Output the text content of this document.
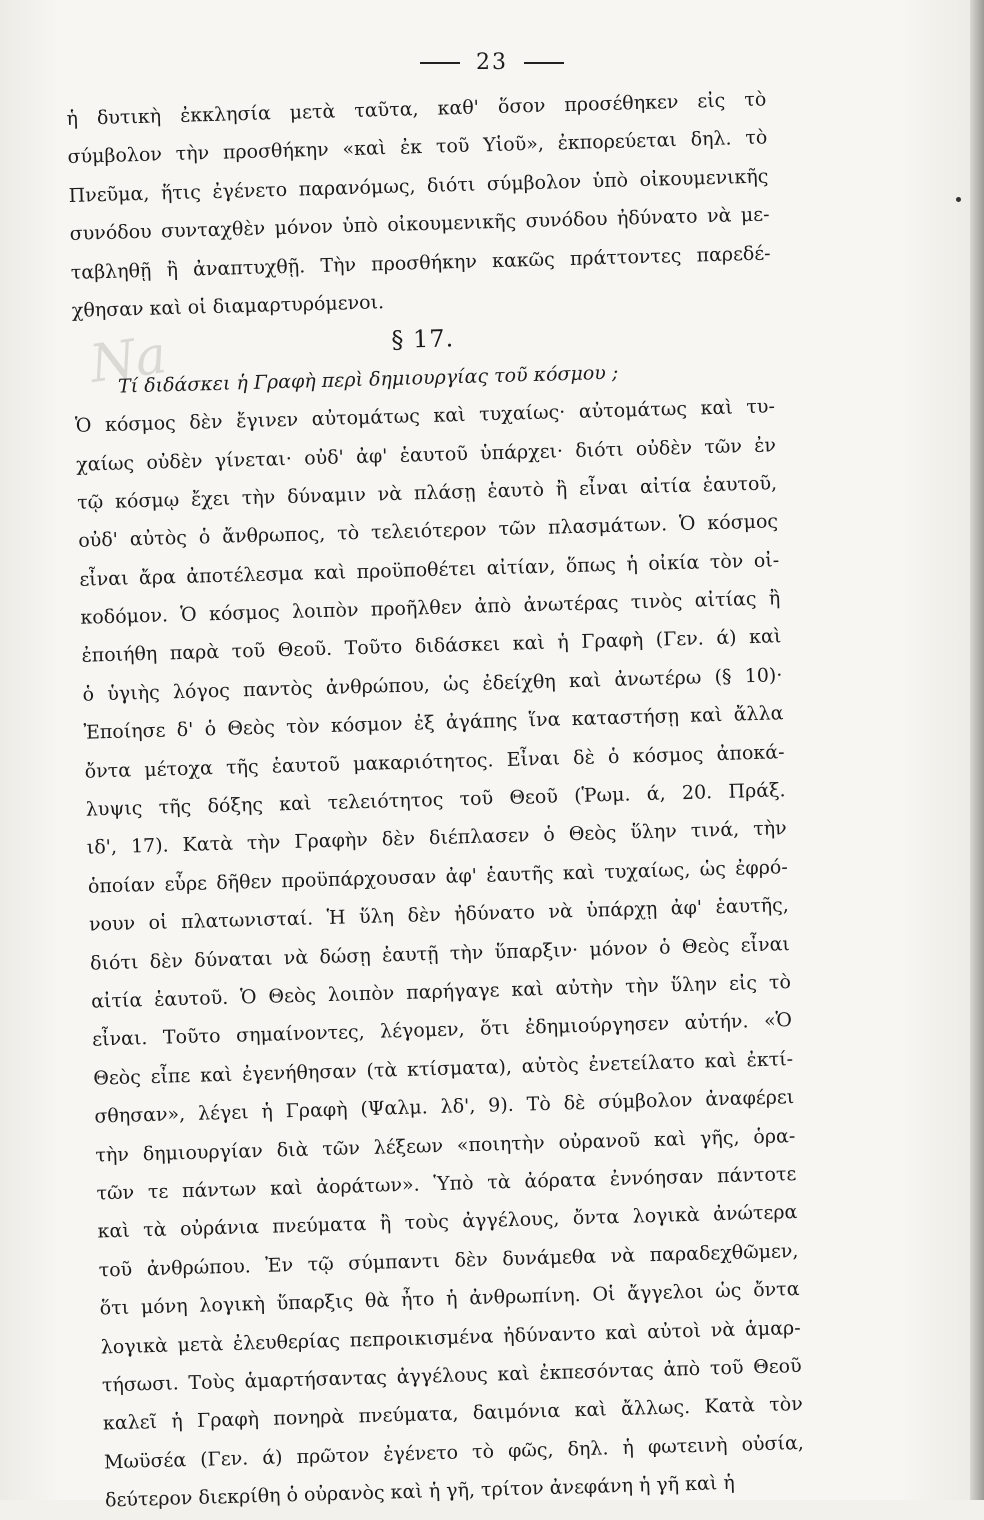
Na
23
ἡ δυτικὴ ἐκκλησία μετὰ ταῦτα, καθ' ὅσον προσέθηκεν εἰς τὸ
σύμβολον τὴν προσθήκην «καὶ ἐκ τοῦ Υἱοῦ», ἐκπορεύεται δηλ. τὸ
Πνεῦμα, ἥτις ἐγένετο παρανόμως, διότι σύμβολον ὑπὸ οἰκουμενικῆς
συνόδου συνταχθὲν μόνον ὑπὸ οἰκουμενικῆς συνόδου ἠδύνατο νὰ με-
ταβληθῇ ἢ ἀναπτυχθῇ. Τὴν προσθήκην κακῶς πράττοντες παρεδέ-
χθησαν καὶ οἱ διαμαρτυρόμενοι.
§ 17.
Τί διδάσκει ἡ Γραφὴ περὶ δημιουργίας τοῦ κόσμου ;
Ὁ κόσμος δὲν ἔγινεν αὐτομάτως καὶ τυχαίως· αὐτομάτως καὶ τυ-
χαίως οὐδὲν γίνεται· οὐδ' ἀφ' ἑαυτοῦ ὑπάρχει· διότι οὐδὲν τῶν ἐν
τῷ κόσμῳ ἔχει τὴν δύναμιν νὰ πλάσῃ ἑαυτὸ ἢ εἶναι αἰτία ἑαυτοῦ,
οὐδ' αὐτὸς ὁ ἄνθρωπος, τὸ τελειότερον τῶν πλασμάτων. Ὁ κόσμος
εἶναι ἄρα ἀποτέλεσμα καὶ προϋποθέτει αἰτίαν, ὅπως ἡ οἰκία τὸν οἰ-
κοδόμον. Ὁ κόσμος λοιπὸν προῆλθεν ἀπὸ ἀνωτέρας τινὸς αἰτίας ἢ
ἐποιήθη παρὰ τοῦ Θεοῦ. Τοῦτο διδάσκει καὶ ἡ Γραφὴ (Γεν. ά) καὶ
ὁ ὑγιὴς λόγος παντὸς ἀνθρώπου, ὡς ἐδείχθη καὶ ἀνωτέρω (§ 10)·
Ἐποίησε δ' ὁ Θεὸς τὸν κόσμον ἐξ ἀγάπης ἵνα καταστήσῃ καὶ ἄλλα
ὄντα μέτοχα τῆς ἑαυτοῦ μακαριότητος. Εἶναι δὲ ὁ κόσμος ἀποκά-
λυψις τῆς δόξης καὶ τελειότητος τοῦ Θεοῦ (Ῥωμ. ά, 20. Πράξ.
ιδ', 17). Κατὰ τὴν Γραφὴν δὲν διέπλασεν ὁ Θεὸς ὕλην τινά, τὴν
ὁποίαν εὗρε δῆθεν προϋπάρχουσαν ἀφ' ἑαυτῆς καὶ τυχαίως, ὡς ἐφρό-
νουν οἱ πλατωνισταί. Ἡ ὕλη δὲν ἠδύνατο νὰ ὑπάρχῃ ἀφ' ἑαυτῆς,
διότι δὲν δύναται νὰ δώσῃ ἑαυτῇ τὴν ὕπαρξιν· μόνον ὁ Θεὸς εἶναι
αἰτία ἑαυτοῦ. Ὁ Θεὸς λοιπὸν παρήγαγε καὶ αὐτὴν τὴν ὕλην εἰς τὸ
εἶναι. Τοῦτο σημαίνοντες, λέγομεν, ὅτι ἐδημιούργησεν αὐτήν. «Ὁ
Θεὸς εἶπε καὶ ἐγενήθησαν (τὰ κτίσματα), αὐτὸς ἐνετείλατο καὶ ἐκτί-
σθησαν», λέγει ἡ Γραφὴ (Ψαλμ. λδ', 9). Τὸ δὲ σύμβολον ἀναφέρει
τὴν δημιουργίαν διὰ τῶν λέξεων «ποιητὴν οὐρανοῦ καὶ γῆς, ὁρα-
τῶν τε πάντων καὶ ἀοράτων». Ὑπὸ τὰ ἀόρατα ἐννόησαν πάντοτε
καὶ τὰ οὐράνια πνεύματα ἢ τοὺς ἀγγέλους, ὄντα λογικὰ ἀνώτερα
τοῦ ἀνθρώπου. Ἐν τῷ σύμπαντι δὲν δυνάμεθα νὰ παραδεχθῶμεν,
ὅτι μόνη λογικὴ ὕπαρξις θὰ ἦτο ἡ ἀνθρωπίνη. Οἱ ἄγγελοι ὡς ὄντα
λογικὰ μετὰ ἐλευθερίας πεπροικισμένα ἠδύναντο καὶ αὐτοὶ νὰ ἁμαρ-
τήσωσι. Τοὺς ἁμαρτήσαντας ἀγγέλους καὶ ἐκπεσόντας ἀπὸ τοῦ Θεοῦ
καλεῖ ἡ Γραφὴ πονηρὰ πνεύματα, δαιμόνια καὶ ἄλλως. Κατὰ τὸν
Μωϋσέα (Γεν. ά) πρῶτον ἐγένετο τὸ φῶς, δηλ. ἡ φωτεινὴ οὐσία,
δεύτερον διεκρίθη ὁ οὐρανὸς καὶ ἡ γῆ, τρίτον ἀνεφάνη ἡ γῆ καὶ ἡ
